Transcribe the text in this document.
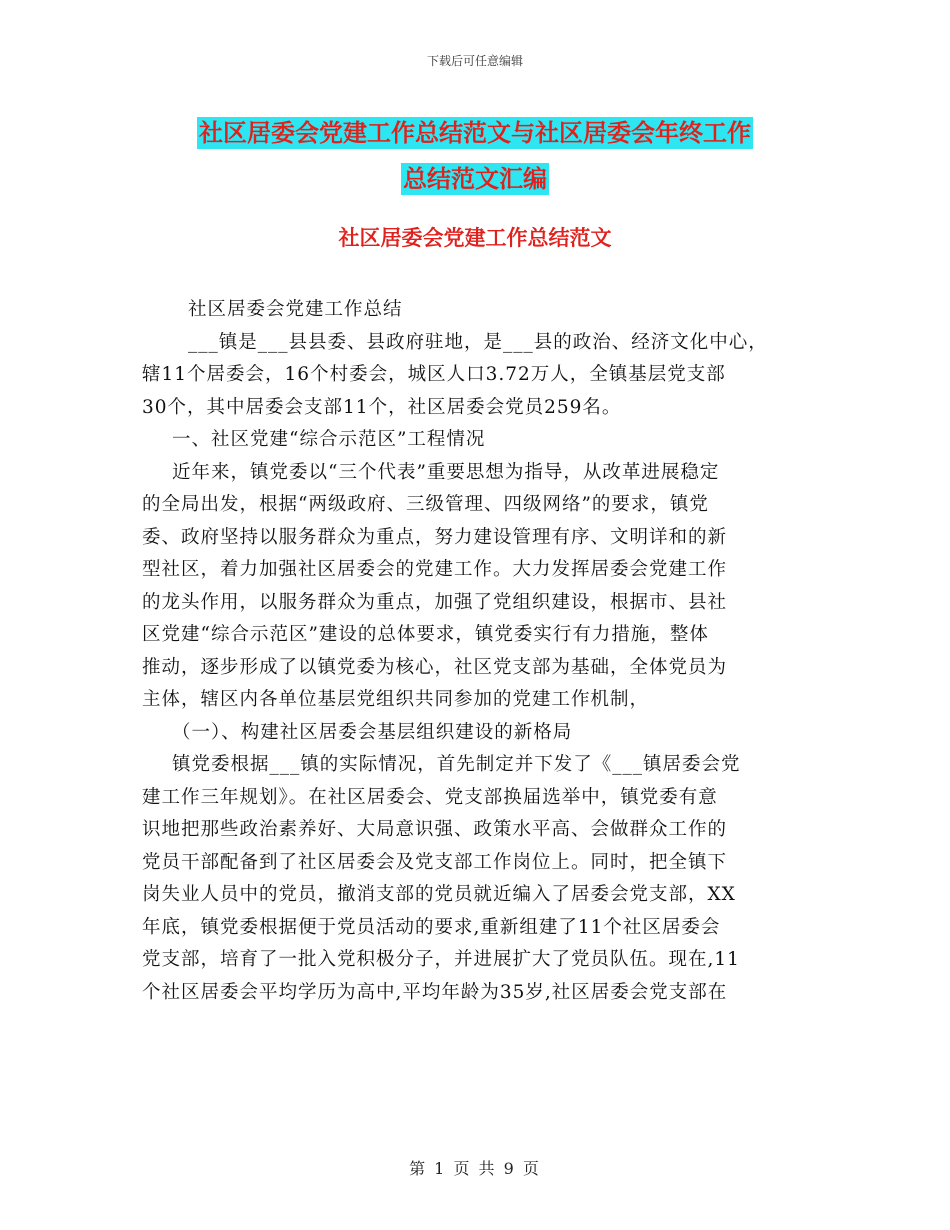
下载后可任意编辑
社区居委会党建工作总结范文与社区居委会年终工作
总结范文汇编
社区居委会党建工作总结范文
社区居委会党建工作总结
___镇是___县县委、县政府驻地，是___县的政治、经济文化中心，
辖11个居委会，16个村委会，城区人口3.72万人，全镇基层党支部
30个，其中居委会支部11个，社区居委会党员259名。
一、社区党建“综合示范区”工程情况
近年来，镇党委以“三个代表”重要思想为指导，从改革进展稳定
的全局出发，根据“两级政府、三级管理、四级网络”的要求，镇党
委、政府坚持以服务群众为重点，努力建设管理有序、文明详和的新
型社区，着力加强社区居委会的党建工作。大力发挥居委会党建工作
的龙头作用，以服务群众为重点，加强了党组织建设，根据市、县社
区党建“综合示范区”建设的总体要求，镇党委实行有力措施，整体
推动，逐步形成了以镇党委为核心，社区党支部为基础，全体党员为
主体，辖区内各单位基层党组织共同参加的党建工作机制，
（一）、构建社区居委会基层组织建设的新格局
镇党委根据___镇的实际情况，首先制定并下发了《___镇居委会党
建工作三年规划》。在社区居委会、党支部换届选举中，镇党委有意
识地把那些政治素养好、大局意识强、政策水平高、会做群众工作的
党员干部配备到了社区居委会及党支部工作岗位上。同时，把全镇下
岗失业人员中的党员，撤消支部的党员就近编入了居委会党支部，XX
年底，镇党委根据便于党员活动的要求,重新组建了11个社区居委会
党支部，培育了一批入党积极分子，并进展扩大了党员队伍。现在,11
个社区居委会平均学历为高中,平均年龄为35岁,社区居委会党支部在
第 1 页 共 9 页
